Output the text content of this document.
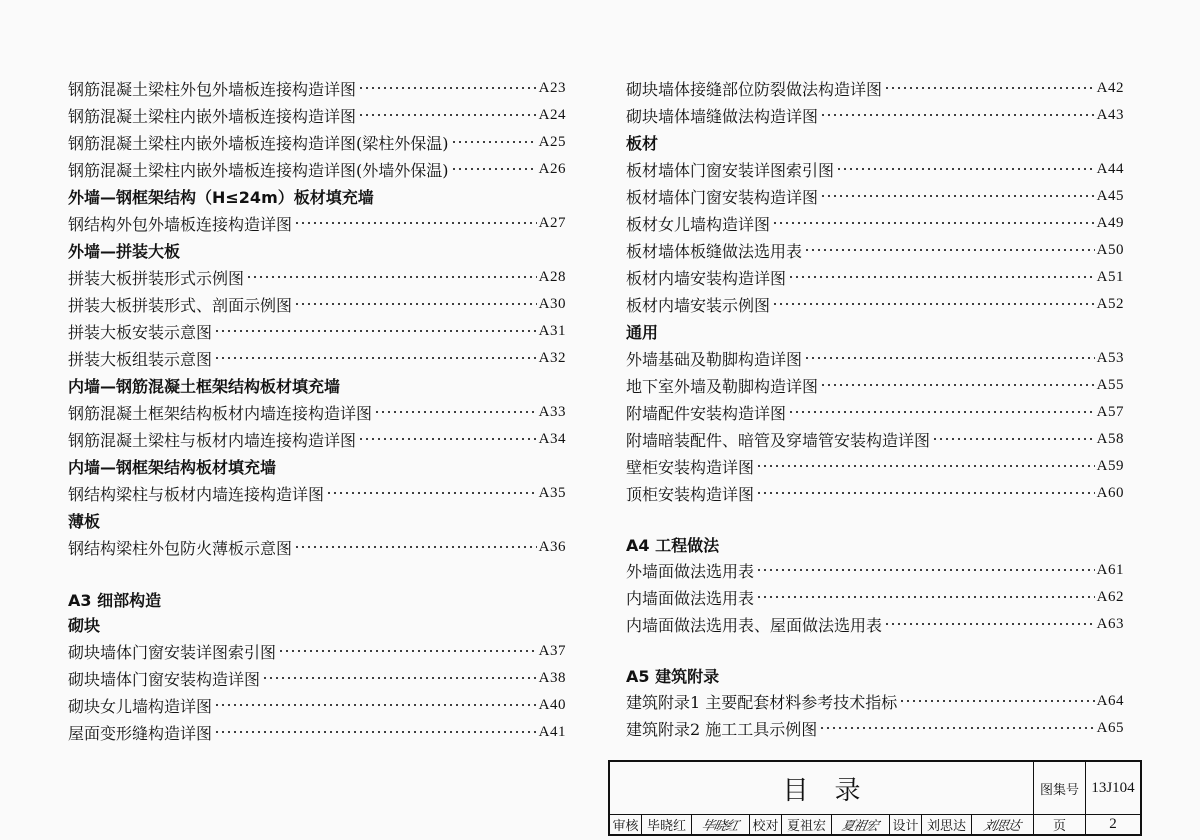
钢筋混凝土梁柱外包外墙板连接构造详图	A23
钢筋混凝土梁柱内嵌外墙板连接构造详图	A24
钢筋混凝土梁柱内嵌外墙板连接构造详图(梁柱外保温)	A25
钢筋混凝土梁柱内嵌外墙板连接构造详图(外墙外保温)	A26
外墙—钢框架结构（H≤24m）板材填充墙
钢结构外包外墙板连接构造详图	A27
外墙—拼装大板
拼装大板拼装形式示例图	A28
拼装大板拼装形式、剖面示例图	A30
拼装大板安装示意图	A31
拼装大板组装示意图	A32
内墙—钢筋混凝土框架结构板材填充墙
钢筋混凝土框架结构板材内墙连接构造详图	A33
钢筋混凝土梁柱与板材内墙连接构造详图	A34
内墙—钢框架结构板材填充墙
钢结构梁柱与板材内墙连接构造详图	A35
薄板
钢结构梁柱外包防火薄板示意图	A36
A3 细部构造
砌块
砌块墙体门窗安装详图索引图	A37
砌块墙体门窗安装构造详图	A38
砌块女儿墙构造详图	A40
屋面变形缝构造详图	A41
砌块墙体接缝部位防裂做法构造详图	A42
砌块墙体墙缝做法构造详图	A43
板材
板材墙体门窗安装详图索引图	A44
板材墙体门窗安装构造详图	A45
板材女儿墙构造详图	A49
板材墙体板缝做法选用表	A50
板材内墙安装构造详图	A51
板材内墙安装示例图	A52
通用
外墙基础及勒脚构造详图	A53
地下室外墙及勒脚构造详图	A55
附墙配件安装构造详图	A57
附墙暗装配件、暗管及穿墙管安装构造详图	A58
壁柜安装构造详图	A59
顶柜安装构造详图	A60
A4 工程做法
外墙面做法选用表	A61
内墙面做法选用表	A62
内墙面做法选用表、屋面做法选用表	A63
A5 建筑附录
建筑附录1 主要配套材料参考技术指标	A64
建筑附录2 施工工具示例图	A65
目录	图集号 13J104
审核 毕晓红	毕晓红 校对 夏祖宏	夏祖宏 设计 刘思达	刘思达	页	2
